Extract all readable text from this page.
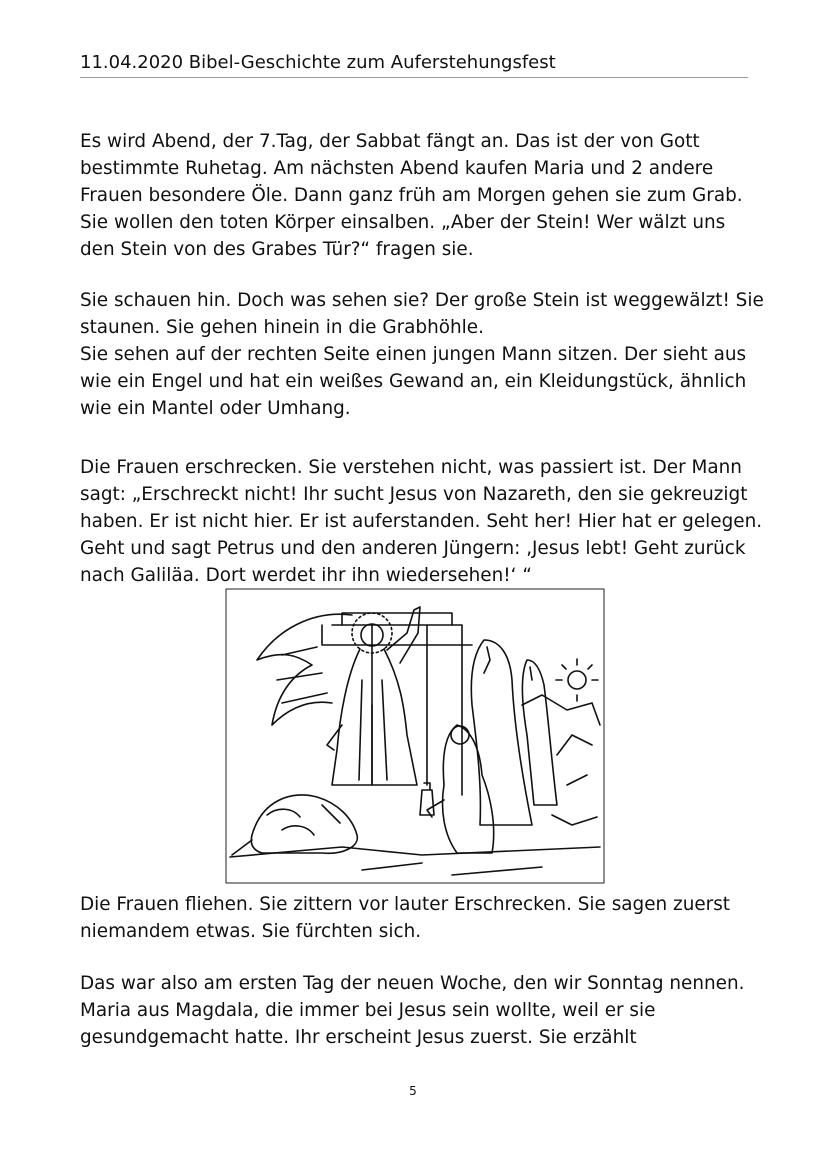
11.04.2020 Bibel-Geschichte zum Auferstehungsfest

Es wird Abend, der 7.Tag, der Sabbat fängt an. Das ist der von Gott
bestimmte Ruhetag. Am nächsten Abend kaufen Maria und 2 andere
Frauen besondere Öle. Dann ganz früh am Morgen gehen sie zum Grab.
Sie wollen den toten Körper einsalben. „Aber der Stein! Wer wälzt uns
den Stein von des Grabes Tür?“ fragen sie.

Sie schauen hin. Doch was sehen sie? Der große Stein ist weggewälzt! Sie
staunen. Sie gehen hinein in die Grabhöhle.
Sie sehen auf der rechten Seite einen jungen Mann sitzen. Der sieht aus
wie ein Engel und hat ein weißes Gewand an, ein Kleidungstück, ähnlich
wie ein Mantel oder Umhang.

Die Frauen erschrecken. Sie verstehen nicht, was passiert ist. Der Mann
sagt: „Erschreckt nicht! Ihr sucht Jesus von Nazareth, den sie gekreuzigt
haben. Er ist nicht hier. Er ist auferstanden. Seht her! Hier hat er gelegen.
Geht und sagt Petrus und den anderen Jüngern: ‚Jesus lebt! Geht zurück
nach Galiläa. Dort werdet ihr ihn wiedersehen!‘ “

Die Frauen fliehen. Sie zittern vor lauter Erschrecken. Sie sagen zuerst
niemandem etwas. Sie fürchten sich.

Das war also am ersten Tag der neuen Woche, den wir Sonntag nennen.
Maria aus Magdala, die immer bei Jesus sein wollte, weil er sie
gesundgemacht hatte. Ihr erscheint Jesus zuerst. Sie erzählt

5
